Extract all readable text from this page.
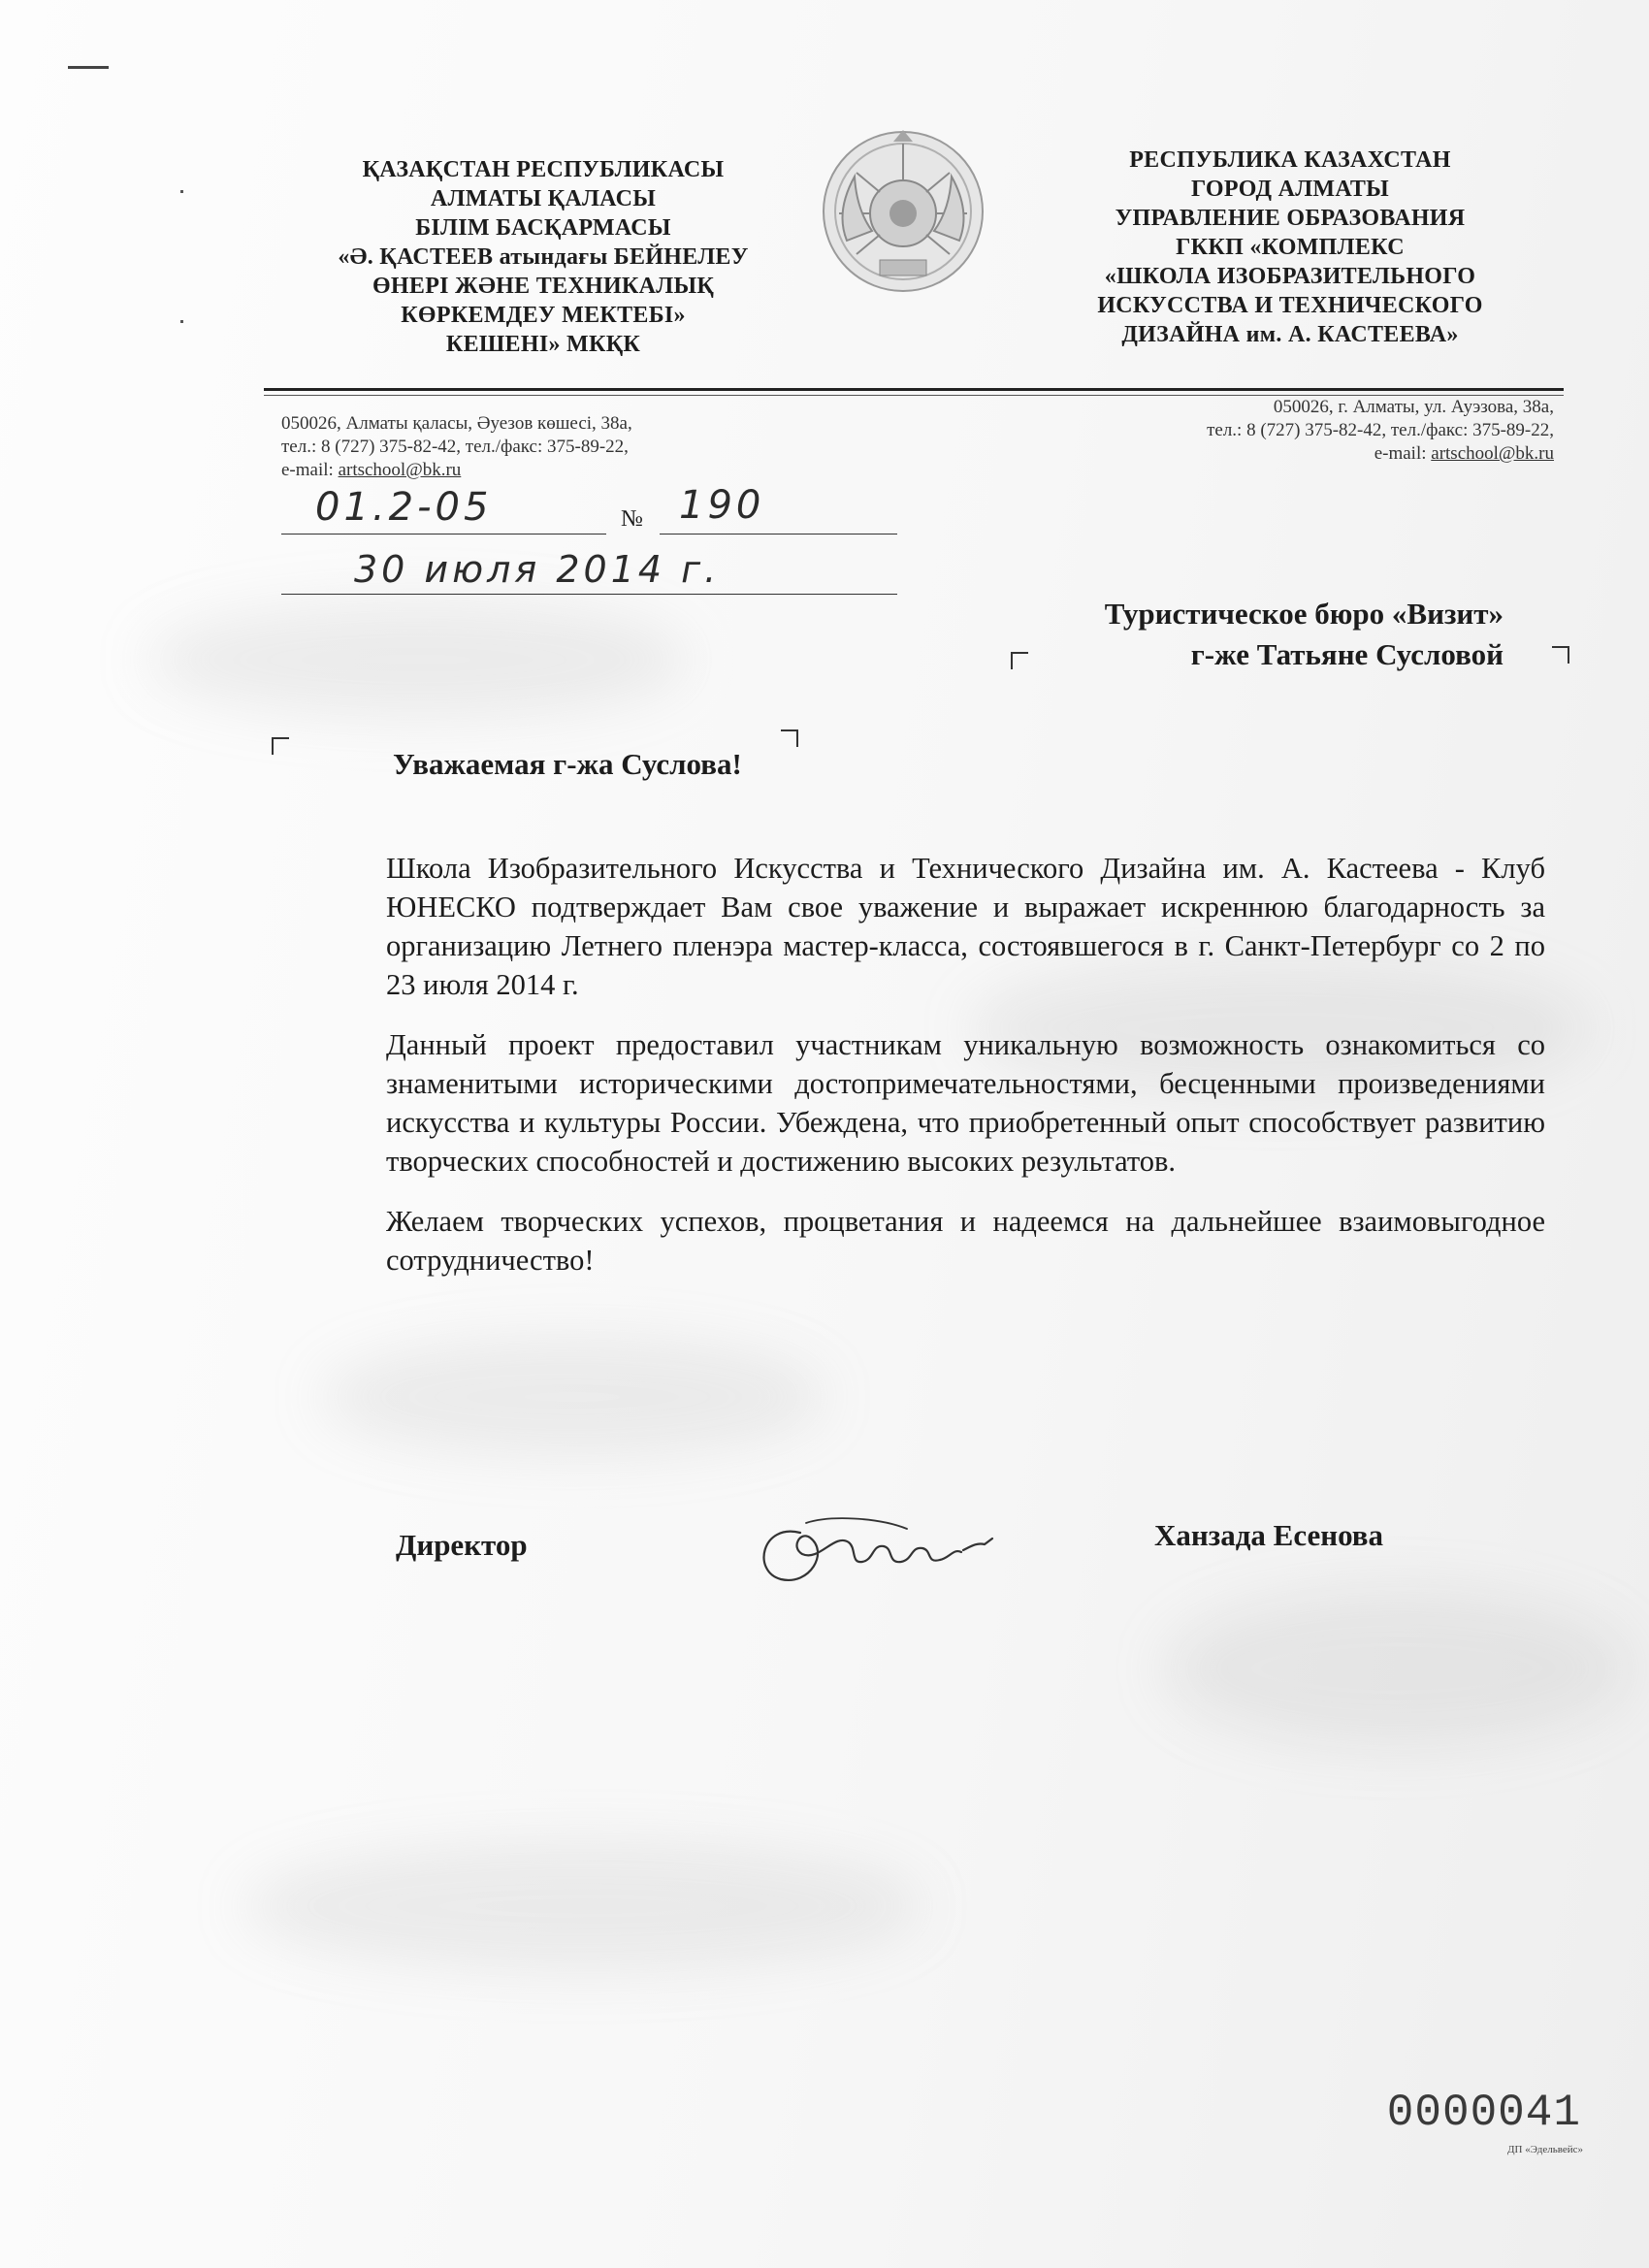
ҚАЗАҚСТАН РЕСПУБЛИКАСЫ
АЛМАТЫ ҚАЛАСЫ
БІЛІМ БАСҚАРМАСЫ
«Ә. ҚАСТЕЕВ атындағы БЕЙНЕЛЕУ
ӨНЕРІ ЖӘНЕ ТЕХНИКАЛЫҚ
КӨРКЕМДЕУ МЕКТЕБІ»
КЕШЕНІ» МКҚК
РЕСПУБЛИКА КАЗАХСТАН
ГОРОД АЛМАТЫ
УПРАВЛЕНИЕ ОБРАЗОВАНИЯ
ГККП «КОМПЛЕКС
«ШКОЛА ИЗОБРАЗИТЕЛЬНОГО
ИСКУССТВА И ТЕХНИЧЕСКОГО
ДИЗАЙНА им. А. КАСТЕЕВА»
050026, Алматы қаласы, Әуезов көшесі, 38а,
тел.: 8 (727) 375-82-42, тел./факс: 375-89-22,
e-mail: artschool@bk.ru
050026, г. Алматы, ул. Ауэзова, 38а,
тел.: 8 (727) 375-82-42, тел./факс: 375-89-22,
e-mail: artschool@bk.ru
01.2-05	№ 190
30 июля 2014 г.
Туристическое бюро «Визит»
г-же Татьяне Сусловой
Уважаемая г-жа Суслова!

Школа Изобразительного Искусства и Технического Дизайна им. А. Кастеева - Клуб ЮНЕСКО подтверждает Вам свое уважение и выражает искреннюю благодарность за организацию Летнего пленэра мастер-класса, состоявшегося в г. Санкт-Петербург со 2 по 23 июля 2014 г.

Данный проект предоставил участникам уникальную возможность ознакомиться со знаменитыми историческими достопримечательностями, бесценными произведениями искусства и культуры России. Убеждена, что приобретенный опыт способствует развитию творческих способностей и достижению высоких результатов.

Желаем творческих успехов, процветания и надеемся на дальнейшее взаимовыгодное сотрудничество!

Директор	Ханзада Есенова
0000041
ДП «Эдельвейс»
